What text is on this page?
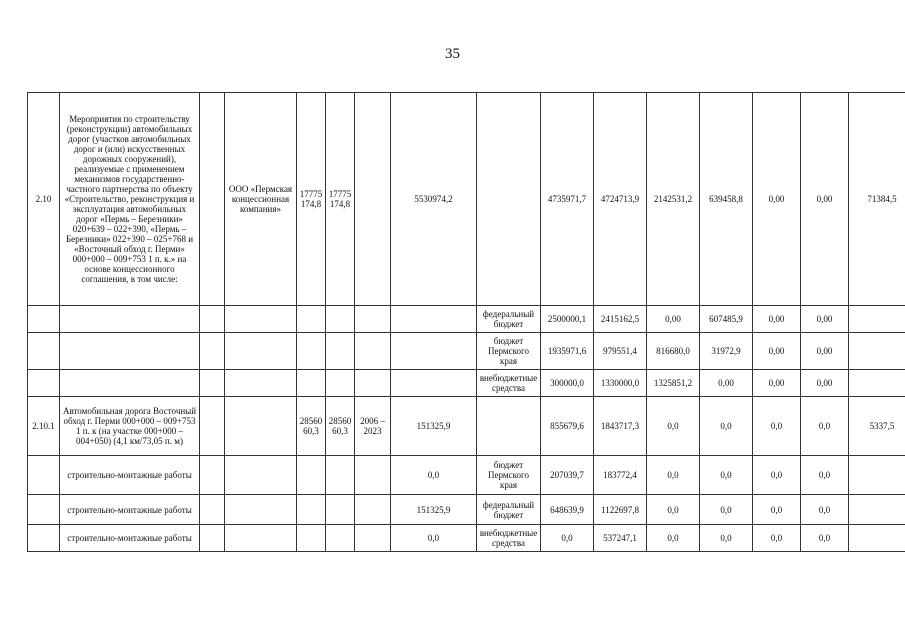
35
2.10	Мероприятия по строительству (реконструкции) автомобильных дорог (участков автомобильных дорог и (или) искусственных дорожных сооружений), реализуемые с применением механизмов государственно-частного партнерства по объекту «Строительство, реконструкция и эксплуатация автомобильных дорог «Пермь – Березники» 020+639 – 022+390, «Пермь – Березники» 022+390 – 025+768 и «Восточный обход г. Перми» 000+000 – 009+753 1 п. к.» на основе концессионного соглашения, в том числе:		ООО «Пермская концессионная компания»	17775 174,8	17775 174,8		5530974,2		4735971,7	4724713,9	2142531,2	639458,8	0,00	0,00	71384,5
								федеральный бюджет	2500000,1	2415162,5	0,00	607485,9	0,00	0,00	
								бюджет Пермского края	1935971,6	979551,4	816680,0	31972,9	0,00	0,00	
								внебюджетные средства	300000,0	1330000,0	1325851,2	0,00	0,00	0,00	
2.10.1	Автомобильная дорога Восточный обход г. Перми 000+000 – 009+753 1 п. к (на участке 000+000 – 004+050) (4,1 км/73,05 п. м)			28560 60,3	28560 60,3	2006 – 2023	151325,9		855679,6	1843717,3	0,0	0,0	0,0	0,0	5337,5
	строительно-монтажные работы						0,0	бюджет Пермского края	207039,7	183772,4	0,0	0,0	0,0	0,0	
	строительно-монтажные работы						151325,9	федеральный бюджет	648639,9	1122697,8	0,0	0,0	0,0	0,0	
	строительно-монтажные работы						0,0	внебюджетные средства	0,0	537247,1	0,0	0,0	0,0	0,0	
